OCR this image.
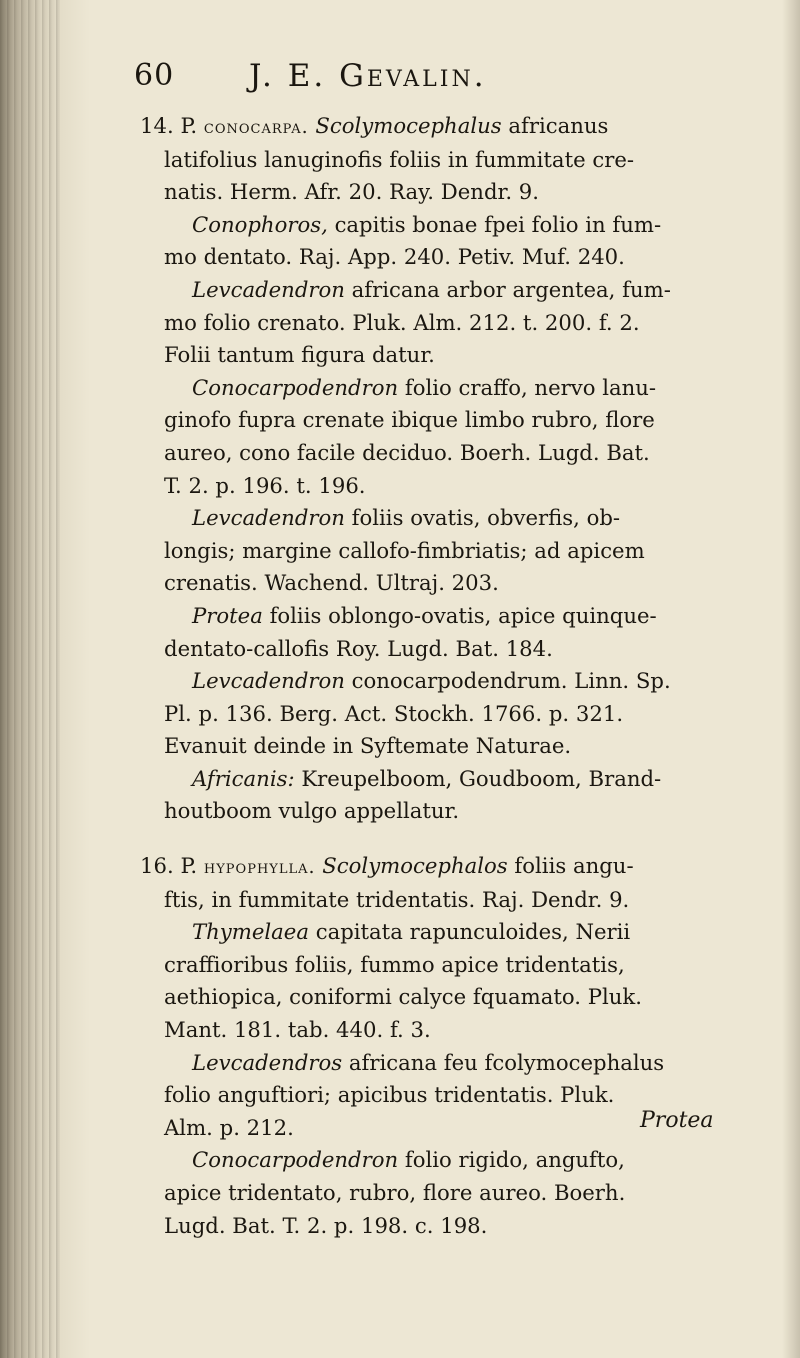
60 J. E. Gevalin.
14. P. conocarpa. Scolymocephalus africanus
latifolius lanuginofis foliis in fummitate cre-
natis. Herm. Afr. 20. Ray. Dendr. 9.
Conophoros, capitis bonae fpei folio in fum-
mo dentato. Raj. App. 240. Petiv. Muf. 240.
Levcadendron africana arbor argentea, fum-
mo folio crenato. Pluk. Alm. 212. t. 200. f. 2.
Folii tantum figura datur.
Conocarpodendron folio craffo, nervo lanu-
ginofo fupra crenate ibique limbo rubro, flore
aureo, cono facile deciduo. Boerh. Lugd. Bat.
T. 2. p. 196. t. 196.
Levcadendron foliis ovatis, obverfis, ob-
longis; margine callofo-fimbriatis; ad apicem
crenatis. Wachend. Ultraj. 203.
Protea foliis oblongo-ovatis, apice quinque-
dentato-callofis Roy. Lugd. Bat. 184.
Levcadendron conocarpodendrum. Linn. Sp.
Pl. p. 136. Berg. Act. Stockh. 1766. p. 321.
Evanuit deinde in Syftemate Naturae.
Africanis: Kreupelboom, Goudboom, Brand-
houtboom vulgo appellatur.
16. P. hypophylla. Scolymocephalos foliis angu-
ftis, in fummitate tridentatis. Raj. Dendr. 9.
Thymelaea capitata rapunculoides, Nerii
craffioribus foliis, fummo apice tridentatis,
aethiopica, coniformi calyce fquamato. Pluk.
Mant. 181. tab. 440. f. 3.
Levcadendros africana feu fcolymocephalus
folio anguftiori; apicibus tridentatis. Pluk.
Alm. p. 212.
Conocarpodendron folio rigido, angufto,
apice tridentato, rubro, flore aureo. Boerh.
Lugd. Bat. T. 2. p. 198. c. 198.
Protea
